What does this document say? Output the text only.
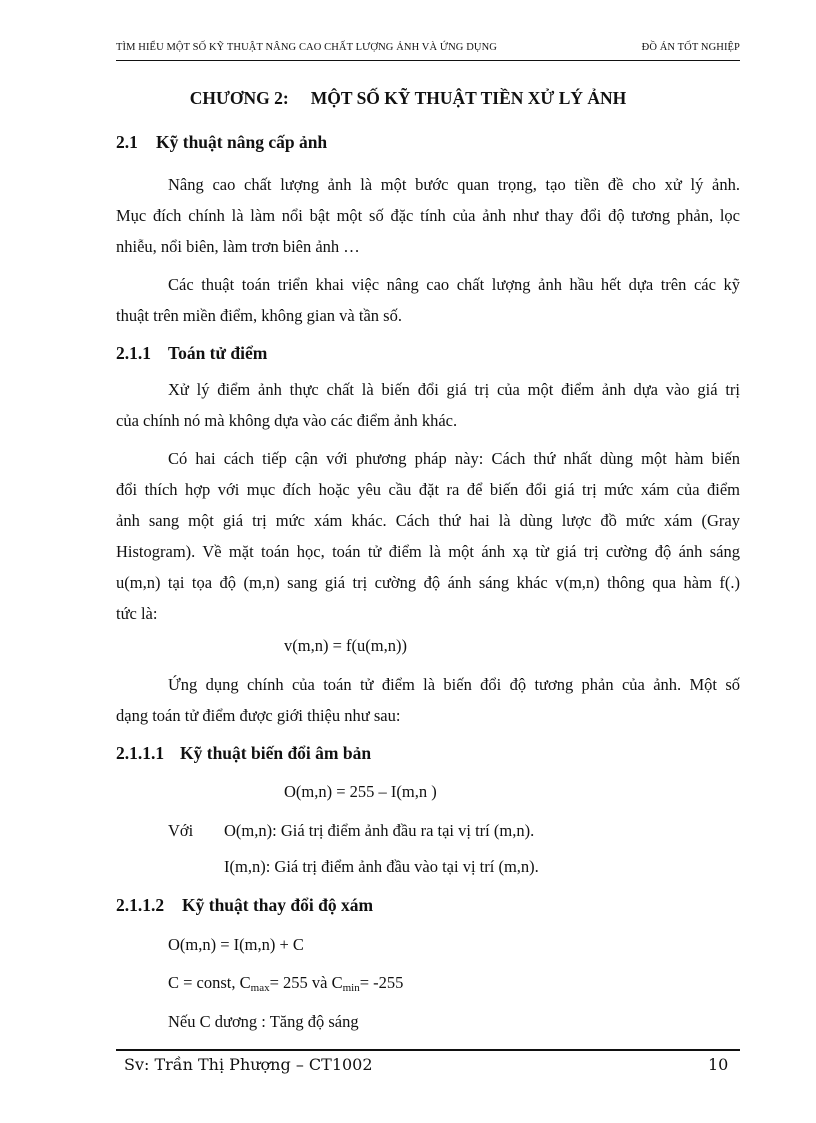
TÌM HIỂU MỘT SỐ KỸ THUẬT NÂNG CAO CHẤT LƯỢNG ẢNH VÀ ỨNG DỤNG	ĐỒ ÁN TỐT NGHIỆP
CHƯƠNG 2: MỘT SỐ KỸ THUẬT TIỀN XỬ LÝ ẢNH
2.1 Kỹ thuật nâng cấp ảnh
Nâng cao chất lượng ảnh là một bước quan trọng, tạo tiền đề cho xử lý ảnh.
Mục đích chính là làm nổi bật một số đặc tính của ảnh như thay đổi độ tương phản, lọc
nhiễu, nổi biên, làm trơn biên ảnh …
Các thuật toán triển khai việc nâng cao chất lượng ảnh hầu hết dựa trên các kỹ
thuật trên miền điểm, không gian và tần số.
2.1.1 Toán tử điểm
Xử lý điểm ảnh thực chất là biến đổi giá trị của một điểm ảnh dựa vào giá trị
của chính nó mà không dựa vào các điểm ảnh khác.
Có hai cách tiếp cận với phương pháp này: Cách thứ nhất dùng một hàm biến
đổi thích hợp với mục đích hoặc yêu cầu đặt ra để biến đổi giá trị mức xám của điểm
ảnh sang một giá trị mức xám khác. Cách thứ hai là dùng lược đồ mức xám (Gray
Histogram). Về mặt toán học, toán tử điểm là một ánh xạ từ giá trị cường độ ánh sáng
u(m,n) tại tọa độ (m,n) sang giá trị cường độ ánh sáng khác v(m,n) thông qua hàm f(.)
tức là:
v(m,n) = f(u(m,n))
Ứng dụng chính của toán tử điểm là biến đổi độ tương phản của ảnh. Một số
dạng toán tử điểm được giới thiệu như sau:
2.1.1.1 Kỹ thuật biến đổi âm bản
O(m,n) = 255 – I(m,n )
Với O(m,n): Giá trị điểm ảnh đầu ra tại vị trí (m,n).
I(m,n): Giá trị điểm ảnh đầu vào tại vị trí (m,n).
2.1.1.2 Kỹ thuật thay đổi độ xám
O(m,n) = I(m,n) + C
C = const, $C_{max}= 255$ và $C_{min}= -255$
Nếu C dương : Tăng độ sáng
Sv: Trần Thị Phượng – CT1002	10
